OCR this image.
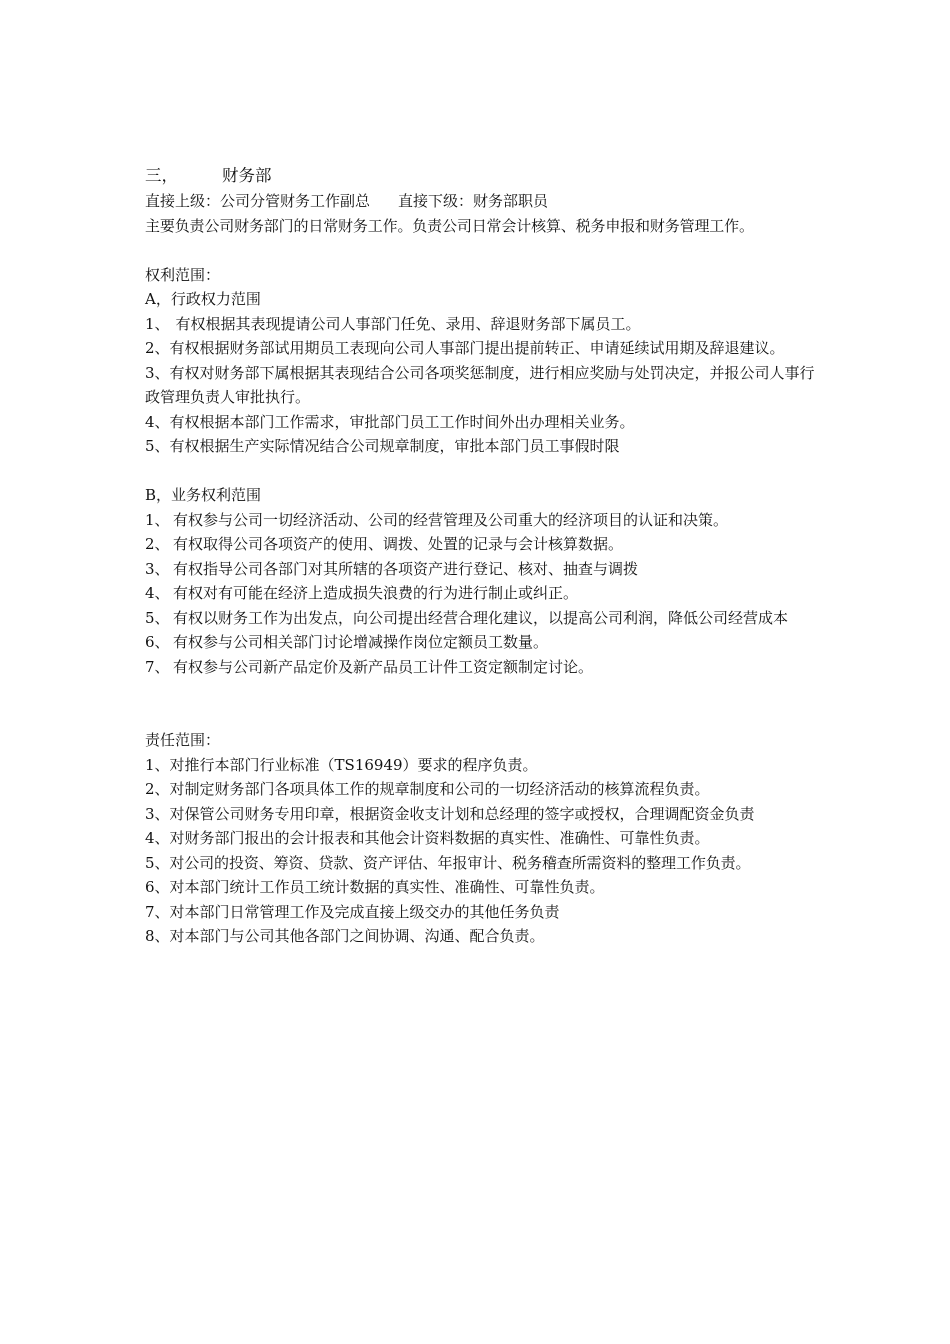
三，	财务部
直接上级：公司分管财务工作副总 直接下级：财务部职员
主要负责公司财务部门的日常财务工作。负责公司日常会计核算、税务申报和财务管理工作。
权利范围：
A，行政权力范围
1、 有权根据其表现提请公司人事部门任免、录用、辞退财务部下属员工。
2、有权根据财务部试用期员工表现向公司人事部门提出提前转正、申请延续试用期及辞退建议。
3、有权对财务部下属根据其表现结合公司各项奖惩制度，进行相应奖励与处罚决定，并报公司人事行政管理负责人审批执行。
4、有权根据本部门工作需求，审批部门员工工作时间外出办理相关业务。
5、有权根据生产实际情况结合公司规章制度，审批本部门员工事假时限
B，业务权利范围
1、 有权参与公司一切经济活动、公司的经营管理及公司重大的经济项目的认证和决策。
2、 有权取得公司各项资产的使用、调拨、处置的记录与会计核算数据。
3、 有权指导公司各部门对其所辖的各项资产进行登记、核对、抽查与调拨
4、 有权对有可能在经济上造成损失浪费的行为进行制止或纠正。
5、 有权以财务工作为出发点，向公司提出经营合理化建议，以提高公司利润，降低公司经营成本
6、 有权参与公司相关部门讨论增减操作岗位定额员工数量。
7、 有权参与公司新产品定价及新产品员工计件工资定额制定讨论。
责任范围：
1、对推行本部门行业标准（TS16949）要求的程序负责。
2、对制定财务部门各项具体工作的规章制度和公司的一切经济活动的核算流程负责。
3、对保管公司财务专用印章，根据资金收支计划和总经理的签字或授权，合理调配资金负责
4、对财务部门报出的会计报表和其他会计资料数据的真实性、准确性、可靠性负责。
5、对公司的投资、筹资、贷款、资产评估、年报审计、税务稽查所需资料的整理工作负责。
6、对本部门统计工作员工统计数据的真实性、准确性、可靠性负责。
7、对本部门日常管理工作及完成直接上级交办的其他任务负责
8、对本部门与公司其他各部门之间协调、沟通、配合负责。
